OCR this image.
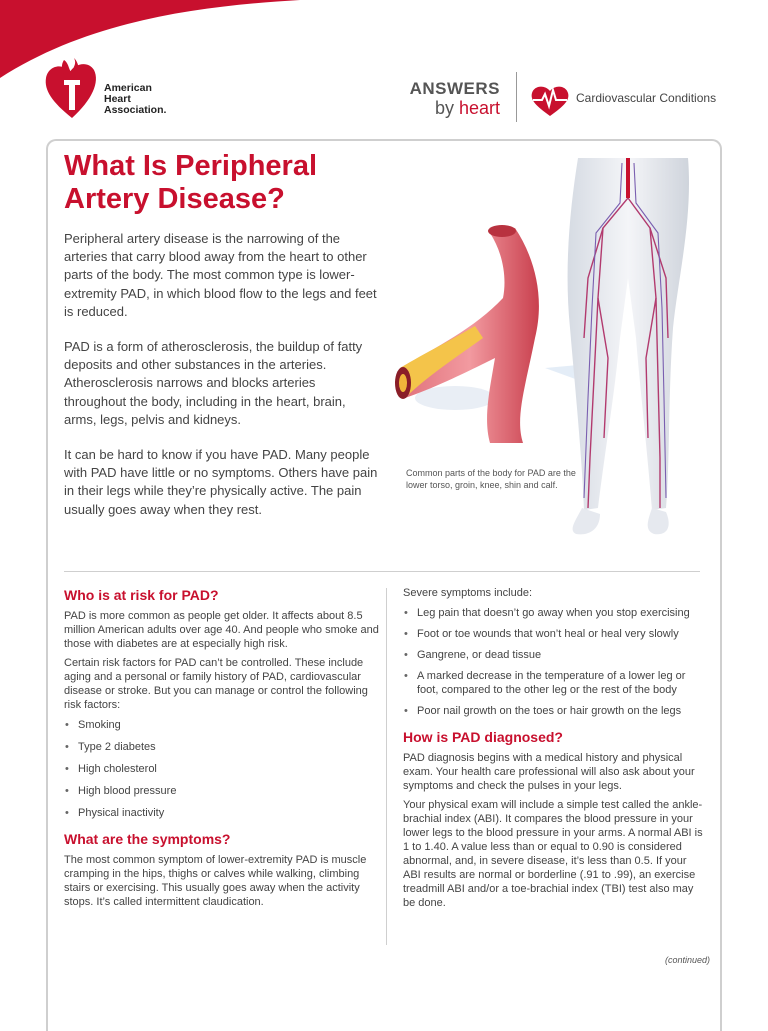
American
Heart
Association.
ANSWERS
by heart	Cardiovascular Conditions
What Is Peripheral Artery Disease?

Peripheral artery disease is the narrowing of the arteries that carry blood away from the heart to other parts of the body. The most common type is lower-extremity PAD, in which blood flow to the legs and feet is reduced.

PAD is a form of atherosclerosis, the buildup of fatty deposits and other substances in the arteries. Atherosclerosis narrows and blocks arteries throughout the body, including in the heart, brain, arms, legs, pelvis and kidneys.

It can be hard to know if you have PAD. Many people with PAD have little or no symptoms. Others have pain in their legs while they’re physically active. The pain usually goes away when they rest.

Common parts of the body for PAD are the lower torso, groin, knee, shin and calf.
Who is at risk for PAD?

PAD is more common as people get older. It affects about 8.5 million American adults over age 40. And people who smoke and those with diabetes are at especially high risk.

Certain risk factors for PAD can’t be controlled. These include aging and a personal or family history of PAD, cardiovascular disease or stroke. But you can manage or control the following risk factors:

• Smoking
• Type 2 diabetes
• High cholesterol
• High blood pressure
• Physical inactivity
What are the symptoms?

The most common symptom of lower-extremity PAD is muscle cramping in the hips, thighs or calves while walking, climbing stairs or exercising. This usually goes away when the activity stops. It’s called intermittent claudication.

Severe symptoms include:

• Leg pain that doesn’t go away when you stop exercising
• Foot or toe wounds that won’t heal or heal very slowly
• Gangrene, or dead tissue
• A marked decrease in the temperature of a lower leg or foot, compared to the other leg or the rest of the body
• Poor nail growth on the toes or hair growth on the legs
How is PAD diagnosed?

PAD diagnosis begins with a medical history and physical exam. Your health care professional will also ask about your symptoms and check the pulses in your legs.

Your physical exam will include a simple test called the ankle-brachial index (ABI). It compares the blood pressure in your lower legs to the blood pressure in your arms. A normal ABI is 1 to 1.40. A value less than or equal to 0.90 is considered abnormal, and, in severe disease, it’s less than 0.5. If your ABI results are normal or borderline (.91 to .99), an exercise treadmill ABI and/or a toe-brachial index (TBI) test also may be done.

(continued)
